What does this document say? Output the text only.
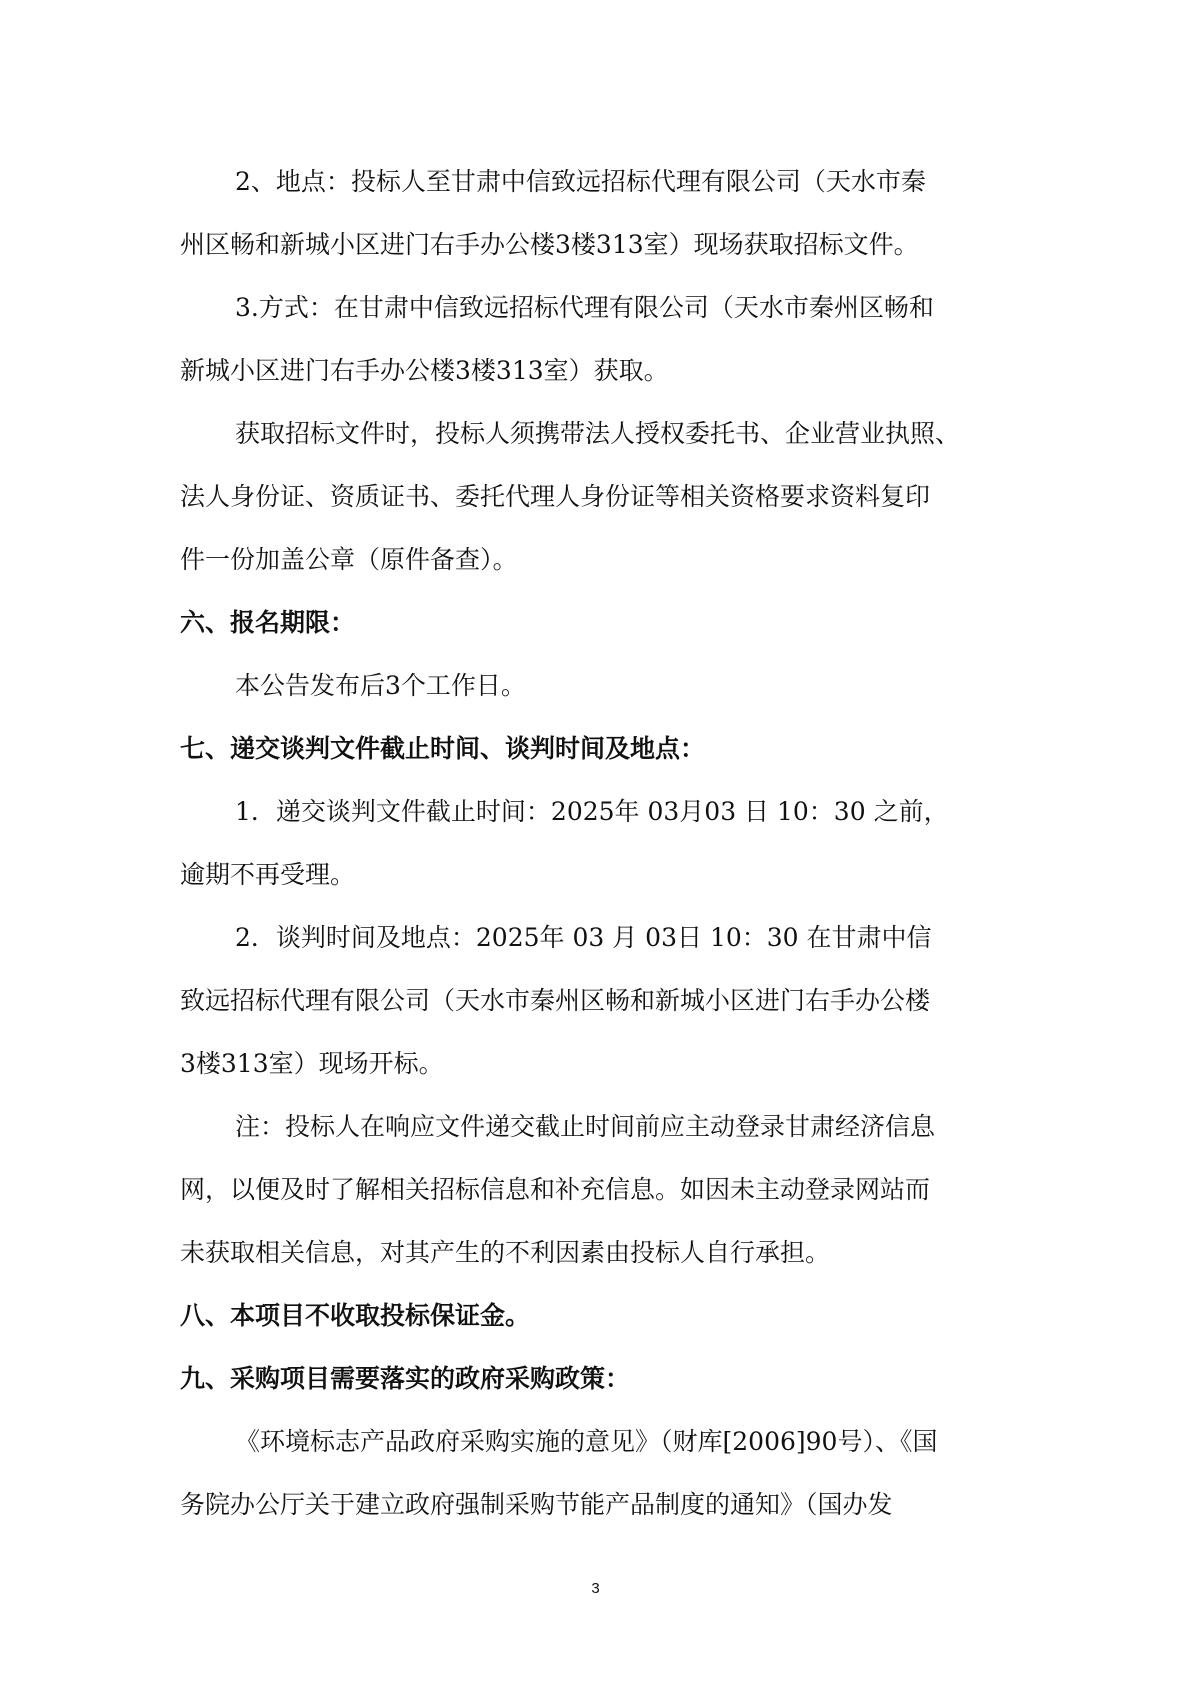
2、地点：投标人至甘肃中信致远招标代理有限公司（天水市秦
州区畅和新城小区进门右手办公楼3楼313室）现场获取招标文件。
3.方式：在甘肃中信致远招标代理有限公司（天水市秦州区畅和
新城小区进门右手办公楼3楼313室）获取。
获取招标文件时，投标人须携带法人授权委托书、企业营业执照、
法人身份证、资质证书、委托代理人身份证等相关资格要求资料复印
件一份加盖公章（原件备查）。
六、报名期限：
本公告发布后3个工作日。
七、递交谈判文件截止时间、谈判时间及地点：
1．递交谈判文件截止时间：2025年 03月03 日 10：30 之前，
逾期不再受理。
2．谈判时间及地点：2025年 03 月 03日 10：30 在甘肃中信
致远招标代理有限公司（天水市秦州区畅和新城小区进门右手办公楼
3楼313室）现场开标。
注：投标人在响应文件递交截止时间前应主动登录甘肃经济信息
网，以便及时了解相关招标信息和补充信息。如因未主动登录网站而
未获取相关信息，对其产生的不利因素由投标人自行承担。
八、本项目不收取投标保证金。
九、采购项目需要落实的政府采购政策：
《环境标志产品政府采购实施的意见》（财库[2006]90号）、《国
务院办公厅关于建立政府强制采购节能产品制度的通知》（国办发
3
